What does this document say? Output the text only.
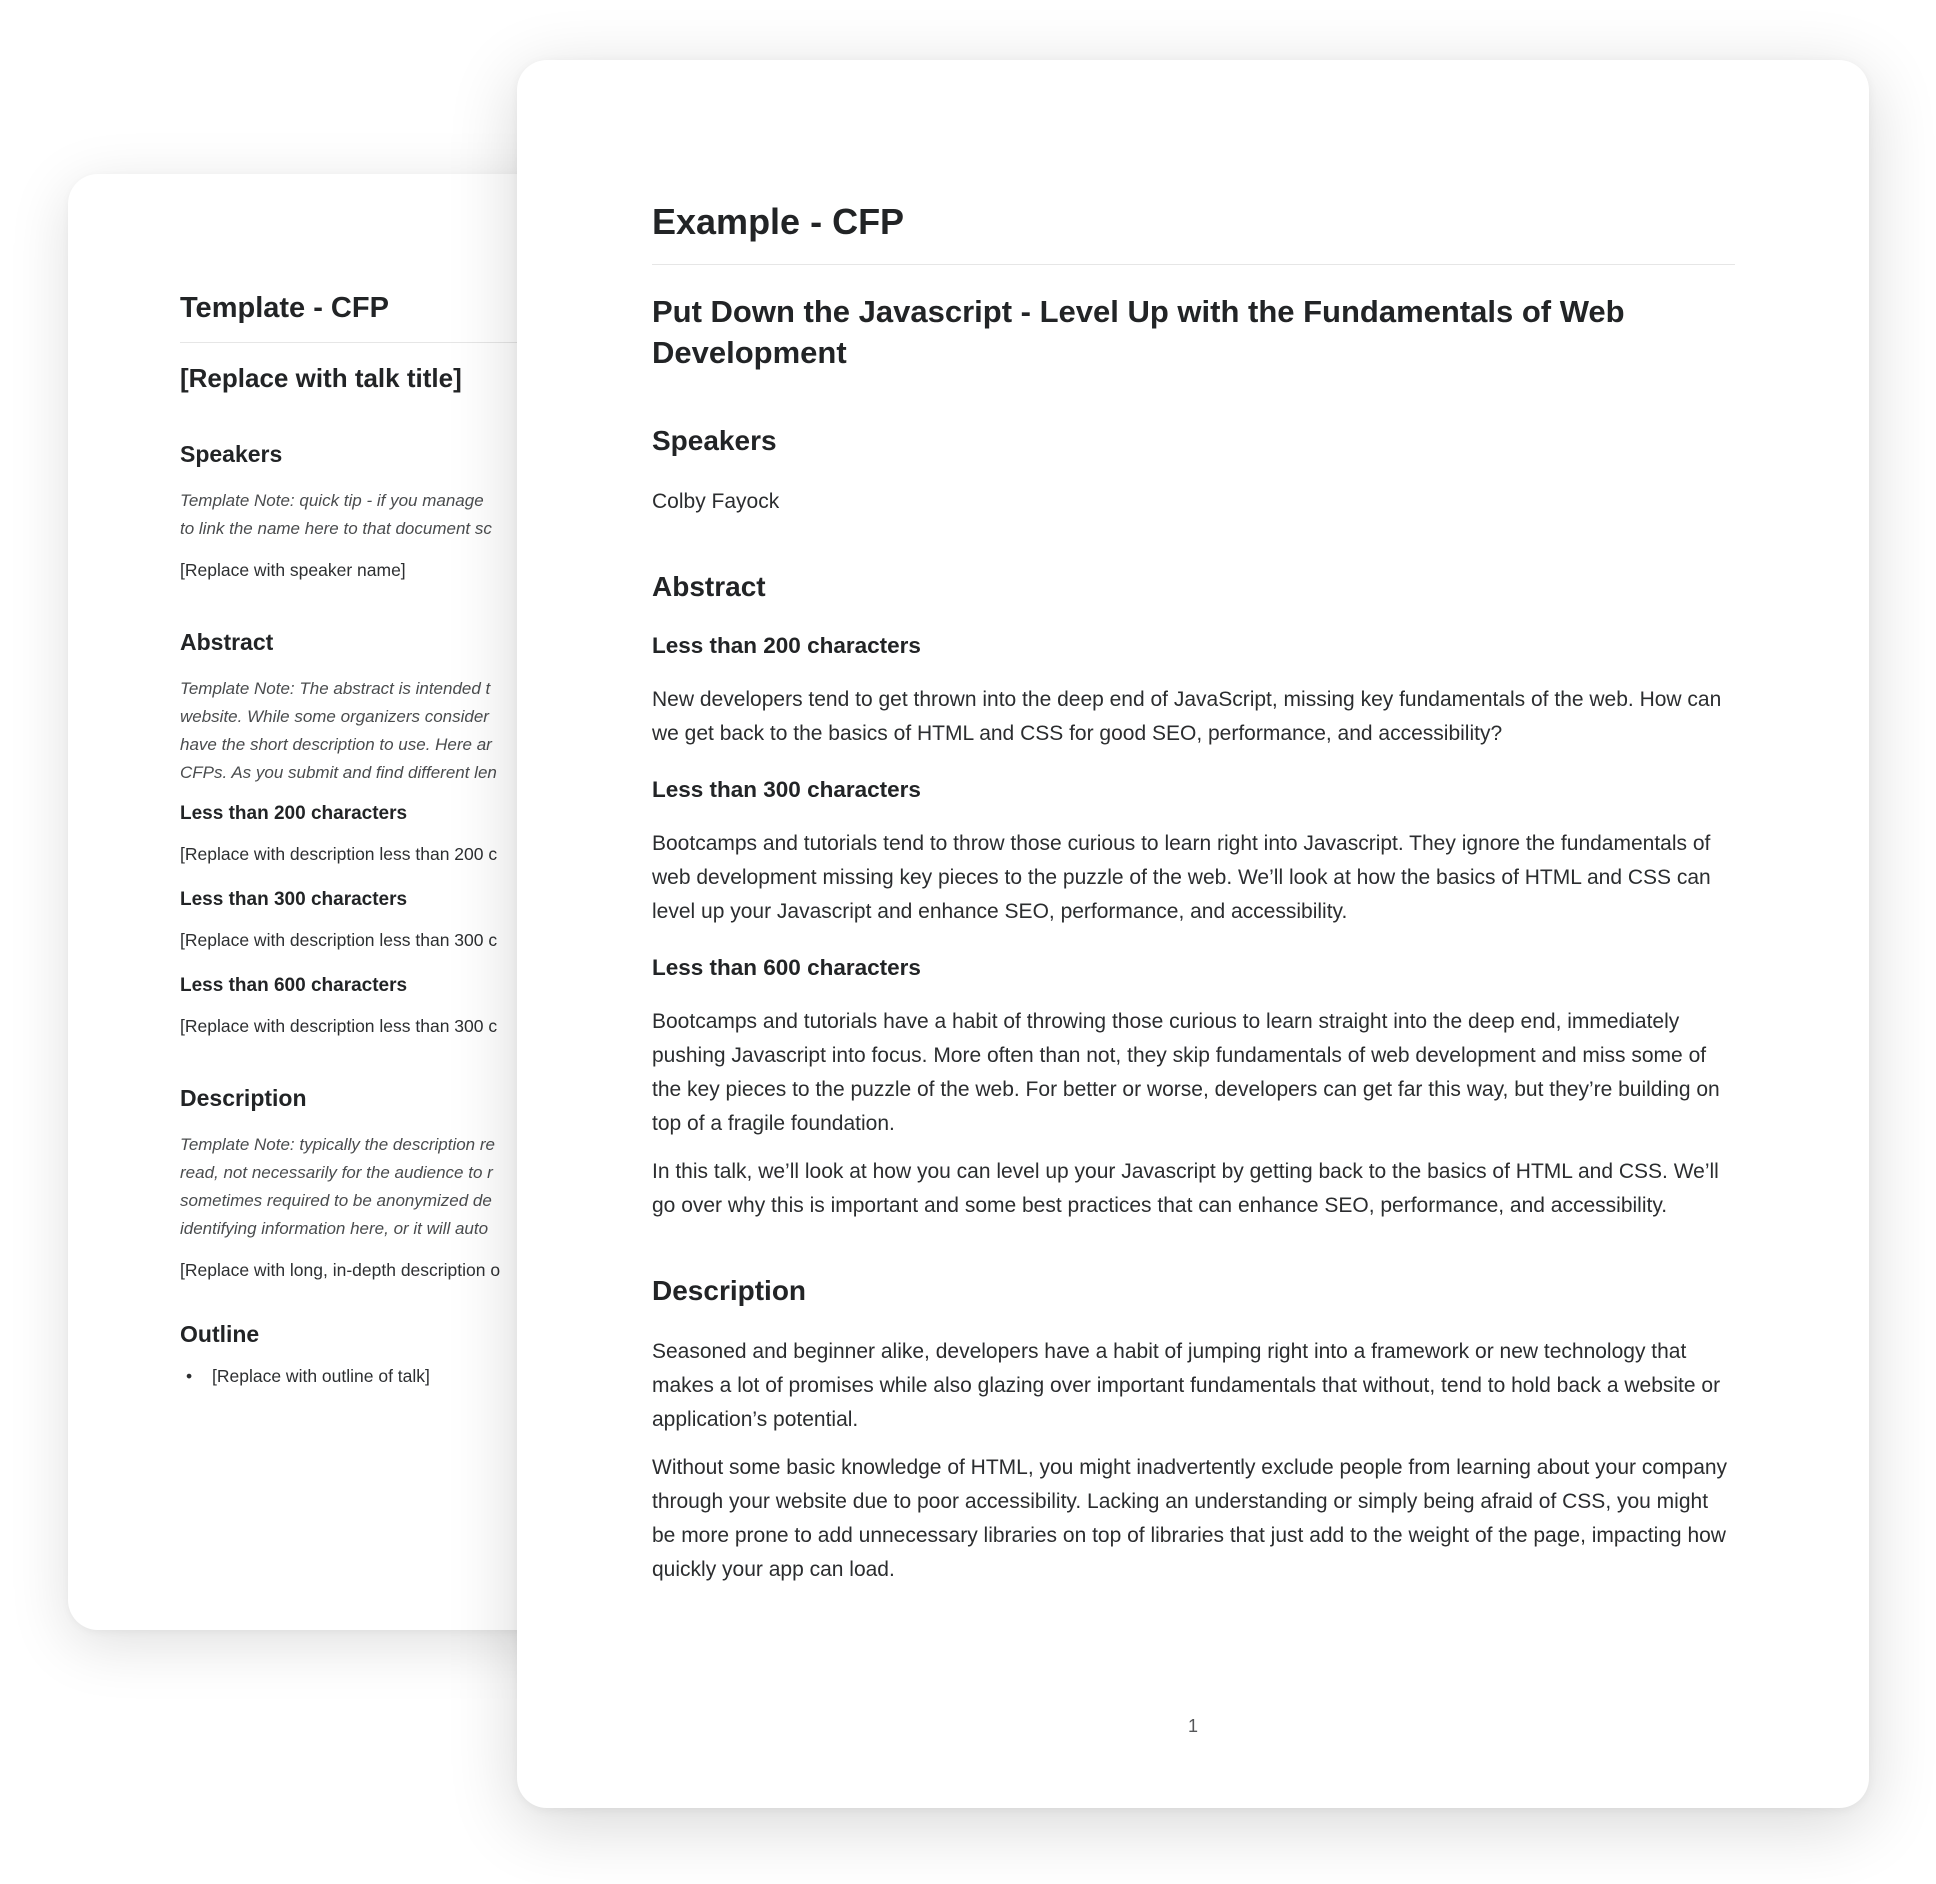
Template - CFP
[Replace with talk title]
Speakers

Template Note: quick tip - if you manage
to link the name here to that document sc

[Replace with speaker name]

Abstract

Template Note: The abstract is intended t
website. While some organizers consider
have the short description to use. Here ar
CFPs. As you submit and find different len

Less than 200 characters

[Replace with description less than 200 c

Less than 300 characters

[Replace with description less than 300 c

Less than 600 characters

[Replace with description less than 300 c

Description

Template Note: typically the description re
read, not necessarily for the audience to r
sometimes required to be anonymized de
identifying information here, or it will auto

[Replace with long, in-depth description o

Outline
• [Replace with outline of talk]
Example - CFP
Put Down the Javascript - Level Up with the Fundamentals of Web Development
Speakers

Colby Fayock

Abstract
Less than 200 characters

New developers tend to get thrown into the deep end of JavaScript, missing key fundamentals of the web. How can we get back to the basics of HTML and CSS for good SEO, performance, and accessibility?

Less than 300 characters

Bootcamps and tutorials tend to throw those curious to learn right into Javascript. They ignore the fundamentals of web development missing key pieces to the puzzle of the web. We’ll look at how the basics of HTML and CSS can level up your Javascript and enhance SEO, performance, and accessibility.

Less than 600 characters

Bootcamps and tutorials have a habit of throwing those curious to learn straight into the deep end, immediately pushing Javascript into focus. More often than not, they skip fundamentals of web development and miss some of the key pieces to the puzzle of the web. For better or worse, developers can get far this way, but they’re building on top of a fragile foundation.

In this talk, we’ll look at how you can level up your Javascript by getting back to the basics of HTML and CSS. We’ll go over why this is important and some best practices that can enhance SEO, performance, and accessibility.

Description

Seasoned and beginner alike, developers have a habit of jumping right into a framework or new technology that makes a lot of promises while also glazing over important fundamentals that without, tend to hold back a website or application’s potential.

Without some basic knowledge of HTML, you might inadvertently exclude people from learning about your company through your website due to poor accessibility. Lacking an understanding or simply being afraid of CSS, you might be more prone to add unnecessary libraries on top of libraries that just add to the weight of the page, impacting how quickly your app can load.

1
